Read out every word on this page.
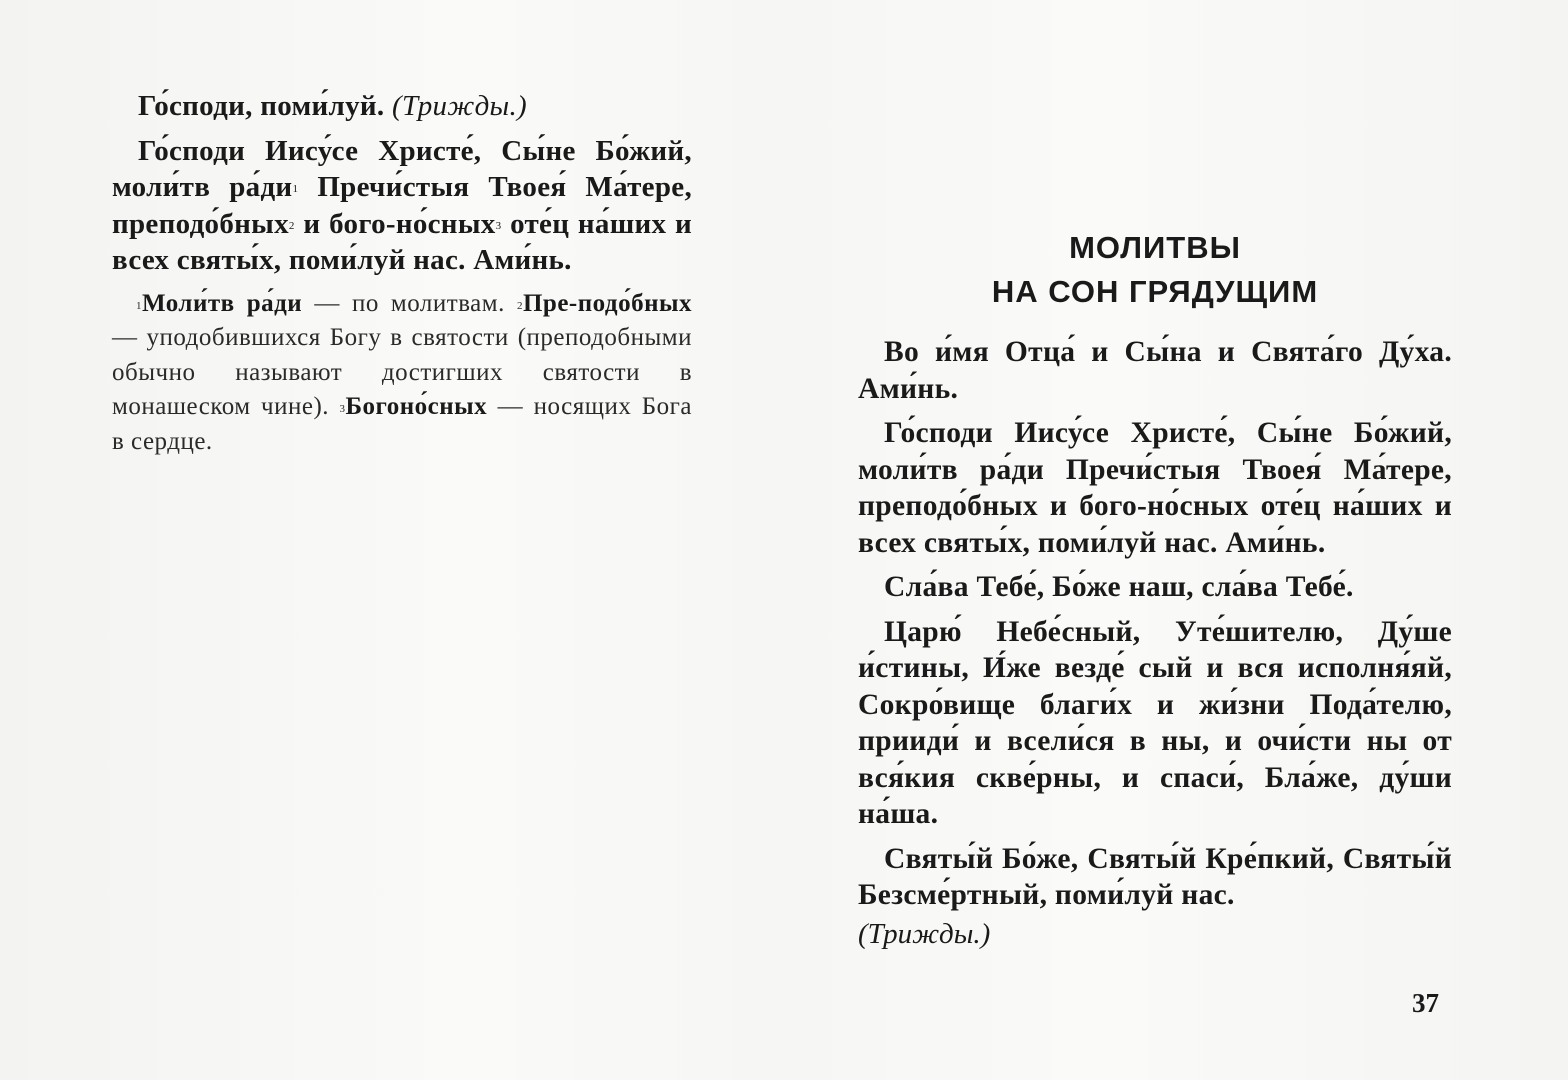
Го́споди, поми́луй. (Трижды.)

Го́споди Иису́се Христе́, Сы́не Бо́жий, моли́тв $ра́ди^1$ Пречи́стыя Твоея́ Ма́тере, преподо́бных$^2$ и бого-но́сных$^3$ оте́ц на́ших и всех святы́х, поми́луй нас. Ами́нь.

$^1$Моли́тв ра́ди — по молитвам. $^2$Пре-подо́бных — уподобившихся Богу в святости (преподобными обычно называют достигших святости в монашеском чине). $^3$Богоно́сных — носящих Бога в сердце.

МОЛИТВЫ
НА СОН ГРЯДУЩИМ

Во и́мя Отца́ и Сы́на и Свята́го Ду́ха. Ами́нь.

Го́споди Иису́се Христе́, Сы́не Бо́жий, моли́тв ра́ди Пречи́стыя Твоея́ Ма́тере, преподо́бных и бого-но́сных оте́ц на́ших и всех святы́х, поми́луй нас. Ами́нь.

Сла́ва Тебе́, Бо́же наш, сла́ва Тебе́.

Царю́ Небе́сный, Уте́шителю, Ду́ше и́стины, И́же везде́ сый и вся исполня́яй, Сокро́вище благи́х и жи́зни Пода́телю, прииди́ и всели́ся в ны, и очи́сти ны от вся́кия скве́рны, и спаси́, Бла́же, ду́ши на́ша.

Святы́й Бо́же, Святы́й Кре́пкий, Святы́й Безсме́ртный, поми́луй нас.

(Трижды.)

37
